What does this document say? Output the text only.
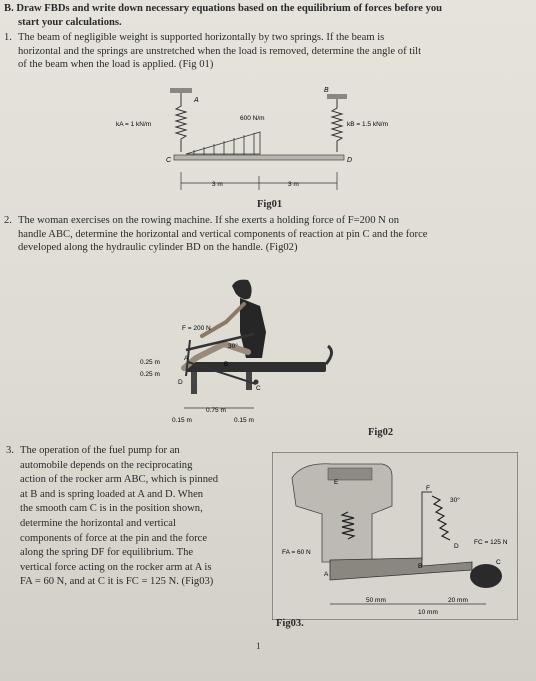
B. Draw FBDs and write down necessary equations based on the equilibrium of forces before you

start your calculations.
1. The beam of negligible weight is supported horizontally by two springs. If the beam is

horizontal and the springs are unstretched when the load is removed, determine the angle of tilt
of the beam when the load is applied. (Fig 01)
A
kA = 1 kN/m
B
kB = 1.5 kN/m
600 N/m
C	D
3 m	3 m
Fig01
2. The woman exercises on the rowing machine. If she exerts a holding force of F=200 N on

handle ABC, determine the horizontal and vertical components of reaction at pin C and the force
developed along the hydraulic cylinder BD on the handle. (Fig02)
F = 200 N
30°
A
B
C
D
0.25 m
0.25 m
0.75 m
0.15 m	0.15 m
Fig02
3. The operation of the fuel pump for an

automobile depends on the reciprocating
action of the rocker arm ABC, which is pinned
at B and is spring loaded at A and D. When
the smooth cam C is in the position shown,
determine the horizontal and vertical
components of force at the pin and the force
along the spring DF for equilibrium. The
vertical force acting on the rocker arm at A is
FA = 60 N, and at C it is FC = 125 N. (Fig03)
FA = 60 N
FC = 125 N
30°
A
B
C
D
E
F
50 mm
10 mm
20 mm
Fig03.
1
